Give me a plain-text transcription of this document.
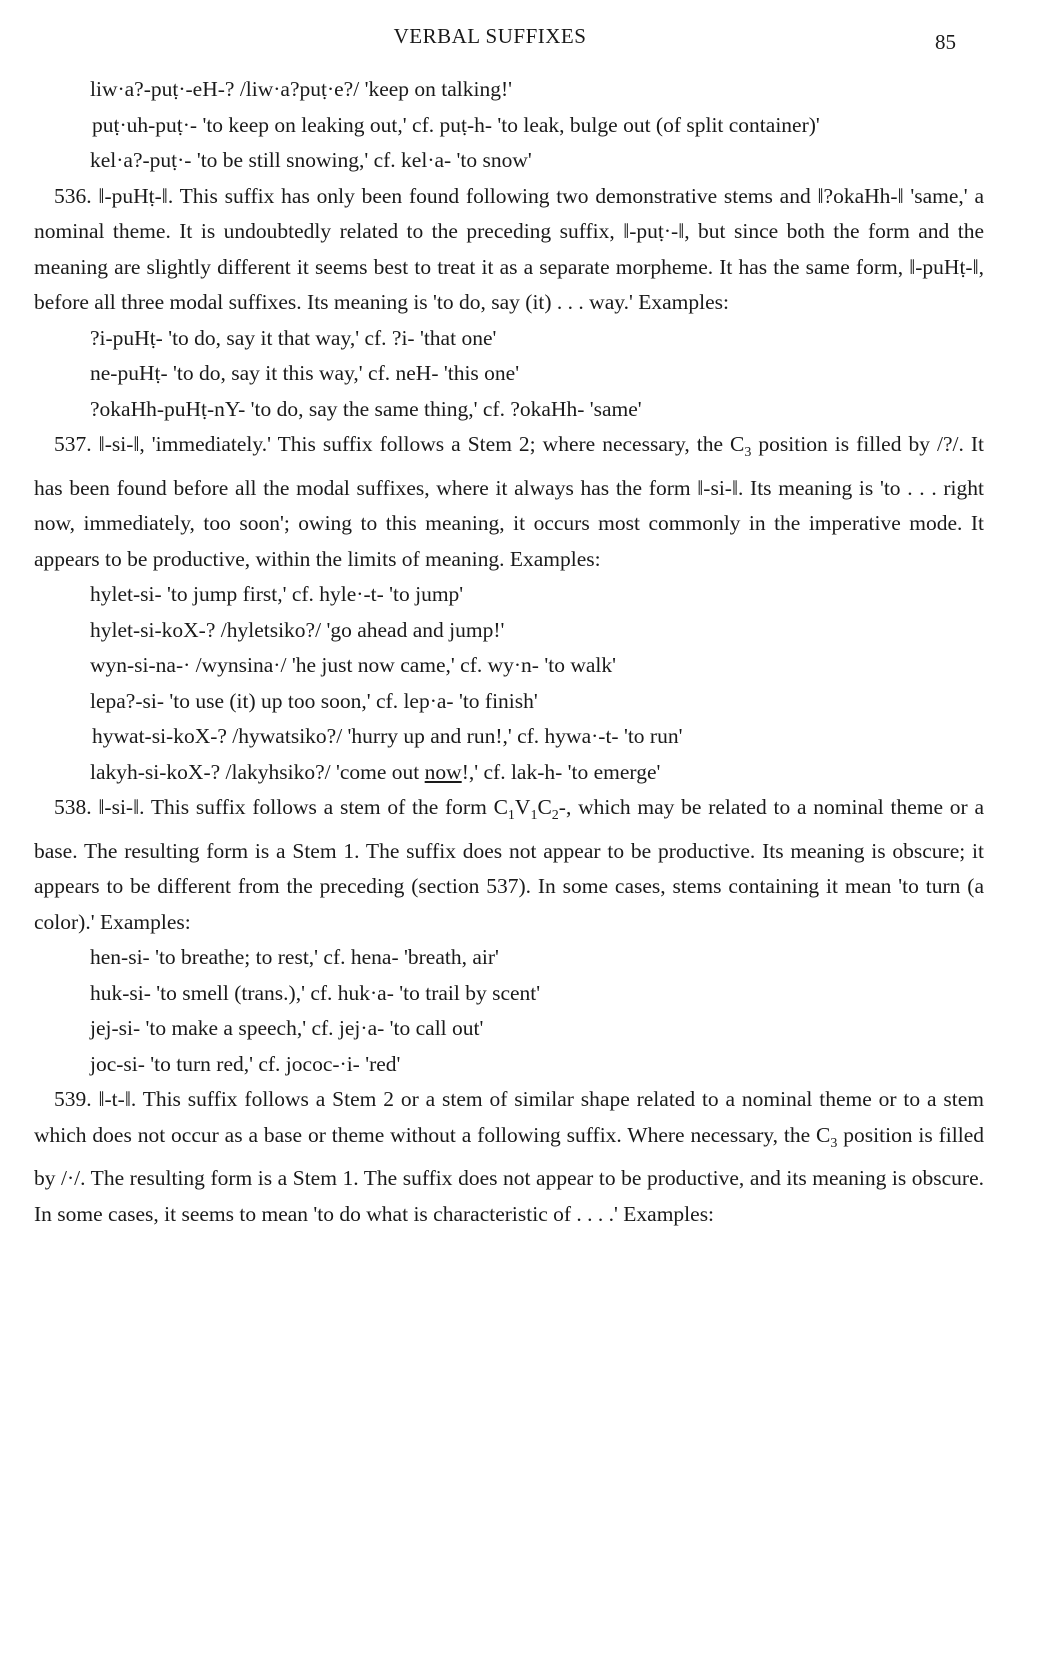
VERBAL SUFFIXES	85

liw·a?-puṭ·-eH-? /liw·a?puṭ·e?/ 'keep on talking!'

puṭ·uh-puṭ·- 'to keep on leaking out,' cf. puṭ-h- 'to leak, bulge out (of split container)'

kel·a?-puṭ·- 'to be still snowing,' cf. kel·a- 'to snow'

536. ‖-puHṭ-‖. This suffix has only been found following two demonstrative stems and ‖?okaHh-‖ 'same,' a nominal theme. It is undoubtedly related to the preceding suffix, ‖-puṭ·-‖, but since both the form and the meaning are slightly different it seems best to treat it as a separate morpheme. It has the same form, ‖-puHṭ-‖, before all three modal suffixes. Its meaning is 'to do, say (it) . . . way.' Examples:

?i-puHṭ- 'to do, say it that way,' cf. ?i- 'that one'

ne-puHṭ- 'to do, say it this way,' cf. neH- 'this one'

?okaHh-puHṭ-nY- 'to do, say the same thing,' cf. ?okaHh- 'same'

537. ‖-si-‖, 'immediately.' This suffix follows a Stem 2; where necessary, the $C_3$ position is filled by /?/. It has been found before all the modal suffixes, where it always has the form ‖-si-‖. Its meaning is 'to . . . right now, immediately, too soon'; owing to this meaning, it occurs most commonly in the imperative mode. It appears to be productive, within the limits of meaning. Examples:

hylet-si- 'to jump first,' cf. hyle·-t- 'to jump'

hylet-si-koX-? /hyletsiko?/ 'go ahead and jump!'

wyn-si-na-· /wynsina·/ 'he just now came,' cf. wy·n- 'to walk'

lepa?-si- 'to use (it) up too soon,' cf. lep·a- 'to finish'

hywat-si-koX-? /hywatsiko?/ 'hurry up and run!,' cf. hywa·-t- 'to run'

lakyh-si-koX-? /lakyhsiko?/ 'come out now!,' cf. lak-h- 'to emerge'

538. ‖-si-‖. This suffix follows a stem of the form $C_1V_1C_2-$, which may be related to a nominal theme or a base. The resulting form is a Stem 1. The suffix does not appear to be productive. Its meaning is obscure; it appears to be different from the preceding (section 537). In some cases, stems containing it mean 'to turn (a color).' Examples:

hen-si- 'to breathe; to rest,' cf. hena- 'breath, air'

huk-si- 'to smell (trans.),' cf. huk·a- 'to trail by scent'

jej-si- 'to make a speech,' cf. jej·a- 'to call out'

joc-si- 'to turn red,' cf. jococ-·i- 'red'

539. ‖-t-‖. This suffix follows a Stem 2 or a stem of similar shape related to a nominal theme or to a stem which does not occur as a base or theme without a following suffix. Where necessary, the $C_3$ position is filled by /·/. The resulting form is a Stem 1. The suffix does not appear to be productive, and its meaning is obscure. In some cases, it seems to mean 'to do what is characteristic of . . . .' Examples:
